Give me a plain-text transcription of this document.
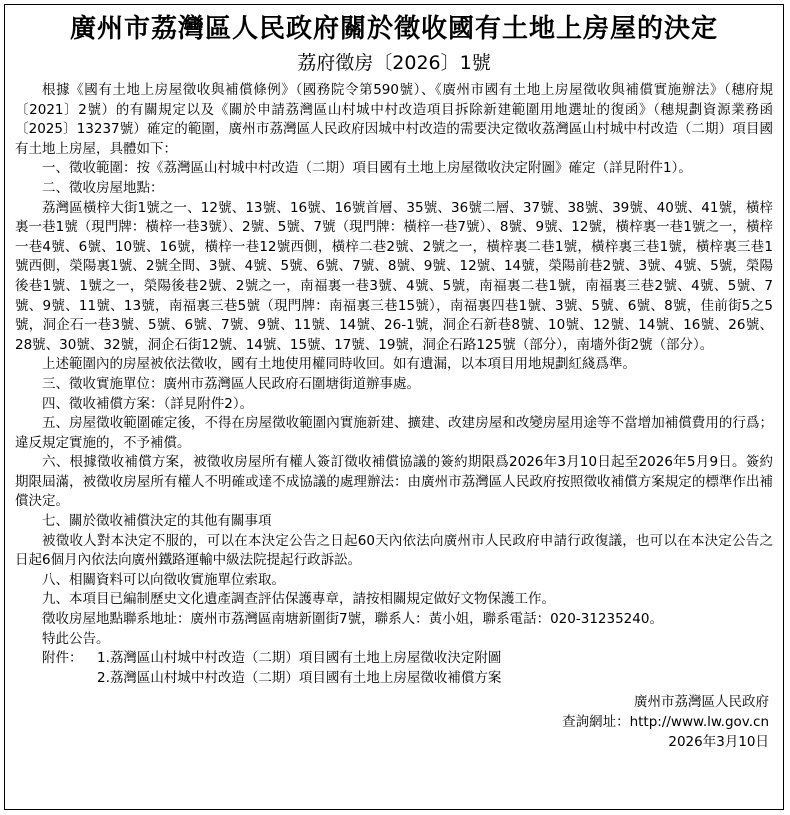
廣州市荔灣區人民政府關於徵收國有土地上房屋的決定
荔府徵房〔2026〕1號

根據《國有土地上房屋徵收與補償條例》（國務院令第590號）、《廣州市國有土地上房屋徵收與補償實施辦法》（穗府規〔2021〕2號）的有關規定以及《關於申請荔灣區山村城中村改造項目拆除新建範圍用地選址的復函》（穗規劃資源業務函〔2025〕13237號）確定的範圍，廣州市荔灣區人民政府因城中村改造的需要決定徵收荔灣區山村城中村改造（二期）項目國有土地上房屋，具體如下：

一、徵收範圍：按《荔灣區山村城中村改造（二期）項目國有土地上房屋徵收決定附圖》確定（詳見附件1）。

二、徵收房屋地點：

荔灣區橫梓大街1號之一、12號、13號、16號、16號首層、35號、36號二層、37號、38號、39號、40號、41號，橫梓裏一巷1號（現門牌：橫梓一巷3號）、2號、5號、7號（現門牌：橫梓一巷7號）、8號、9號、12號，橫梓裏一巷1號之一，橫梓一巷4號、6號、10號、16號，橫梓一巷12號西側，橫梓二巷2號、2號之一，橫梓裏二巷1號，橫梓裏三巷1號，橫梓裏三巷1號西側，榮陽裏1號、2號全間、3號、4號、5號、6號、7號、8號、9號、12號、14號，榮陽前巷2號、3號、4號、5號，榮陽後巷1號、1號之一，榮陽後巷2號、2號之一，南福裏一巷3號、4號、5號，南福裏二巷1號，南福裏三巷2號、4號、5號、7號、9號、11號、13號，南福裏三巷5號（現門牌：南福裏三巷15號），南福裏四巷1號、3號、5號、6號、8號，佳前街5之5號，洞企石一巷3號、5號、6號、7號、9號、11號、14號、26-1號，洞企石新巷8號、10號、12號、14號、16號、26號、28號、30號、32號，洞企石街12號、14號、15號、17號、19號，洞企石路125號（部分），南墻外街2號（部分）。

上述範圍內的房屋被依法徵收，國有土地使用權同時收回。如有遺漏，以本項目用地規劃紅綫爲準。

三、徵收實施單位：廣州市荔灣區人民政府石圍塘街道辦事處。

四、徵收補償方案：（詳見附件2）。

五、房屋徵收範圍確定後，不得在房屋徵收範圍內實施新建、擴建、改建房屋和改變房屋用途等不當增加補償費用的行爲；違反規定實施的，不予補償。

六、根據徵收補償方案，被徵收房屋所有權人簽訂徵收補償協議的簽約期限爲2026年3月10日起至2026年5月9日。簽約期限屆滿，被徵收房屋所有權人不明確或達不成協議的處理辦法：由廣州市荔灣區人民政府按照徵收補償方案規定的標準作出補償決定。

七、關於徵收補償決定的其他有關事項

被徵收人對本決定不服的，可以在本決定公告之日起60天內依法向廣州市人民政府申請行政復議，也可以在本決定公告之日起6個月內依法向廣州鐵路運輸中級法院提起行政訴訟。

八、相關資料可以向徵收實施單位索取。

九、本項目已編制歷史文化遺產調查評估保護專章，請按相關規定做好文物保護工作。

徵收房屋地點聯系地址：廣州市荔灣區南塘新圍街7號，聯系人：黃小姐，聯系電話：020-31235240。

特此公告。

附件：	1.荔灣區山村城中村改造（二期）項目國有土地上房屋徵收決定附圖
2.荔灣區山村城中村改造（二期）項目國有土地上房屋徵收補償方案
廣州市荔灣區人民政府
查詢網址：http://www.lw.gov.cn
2026年3月10日
